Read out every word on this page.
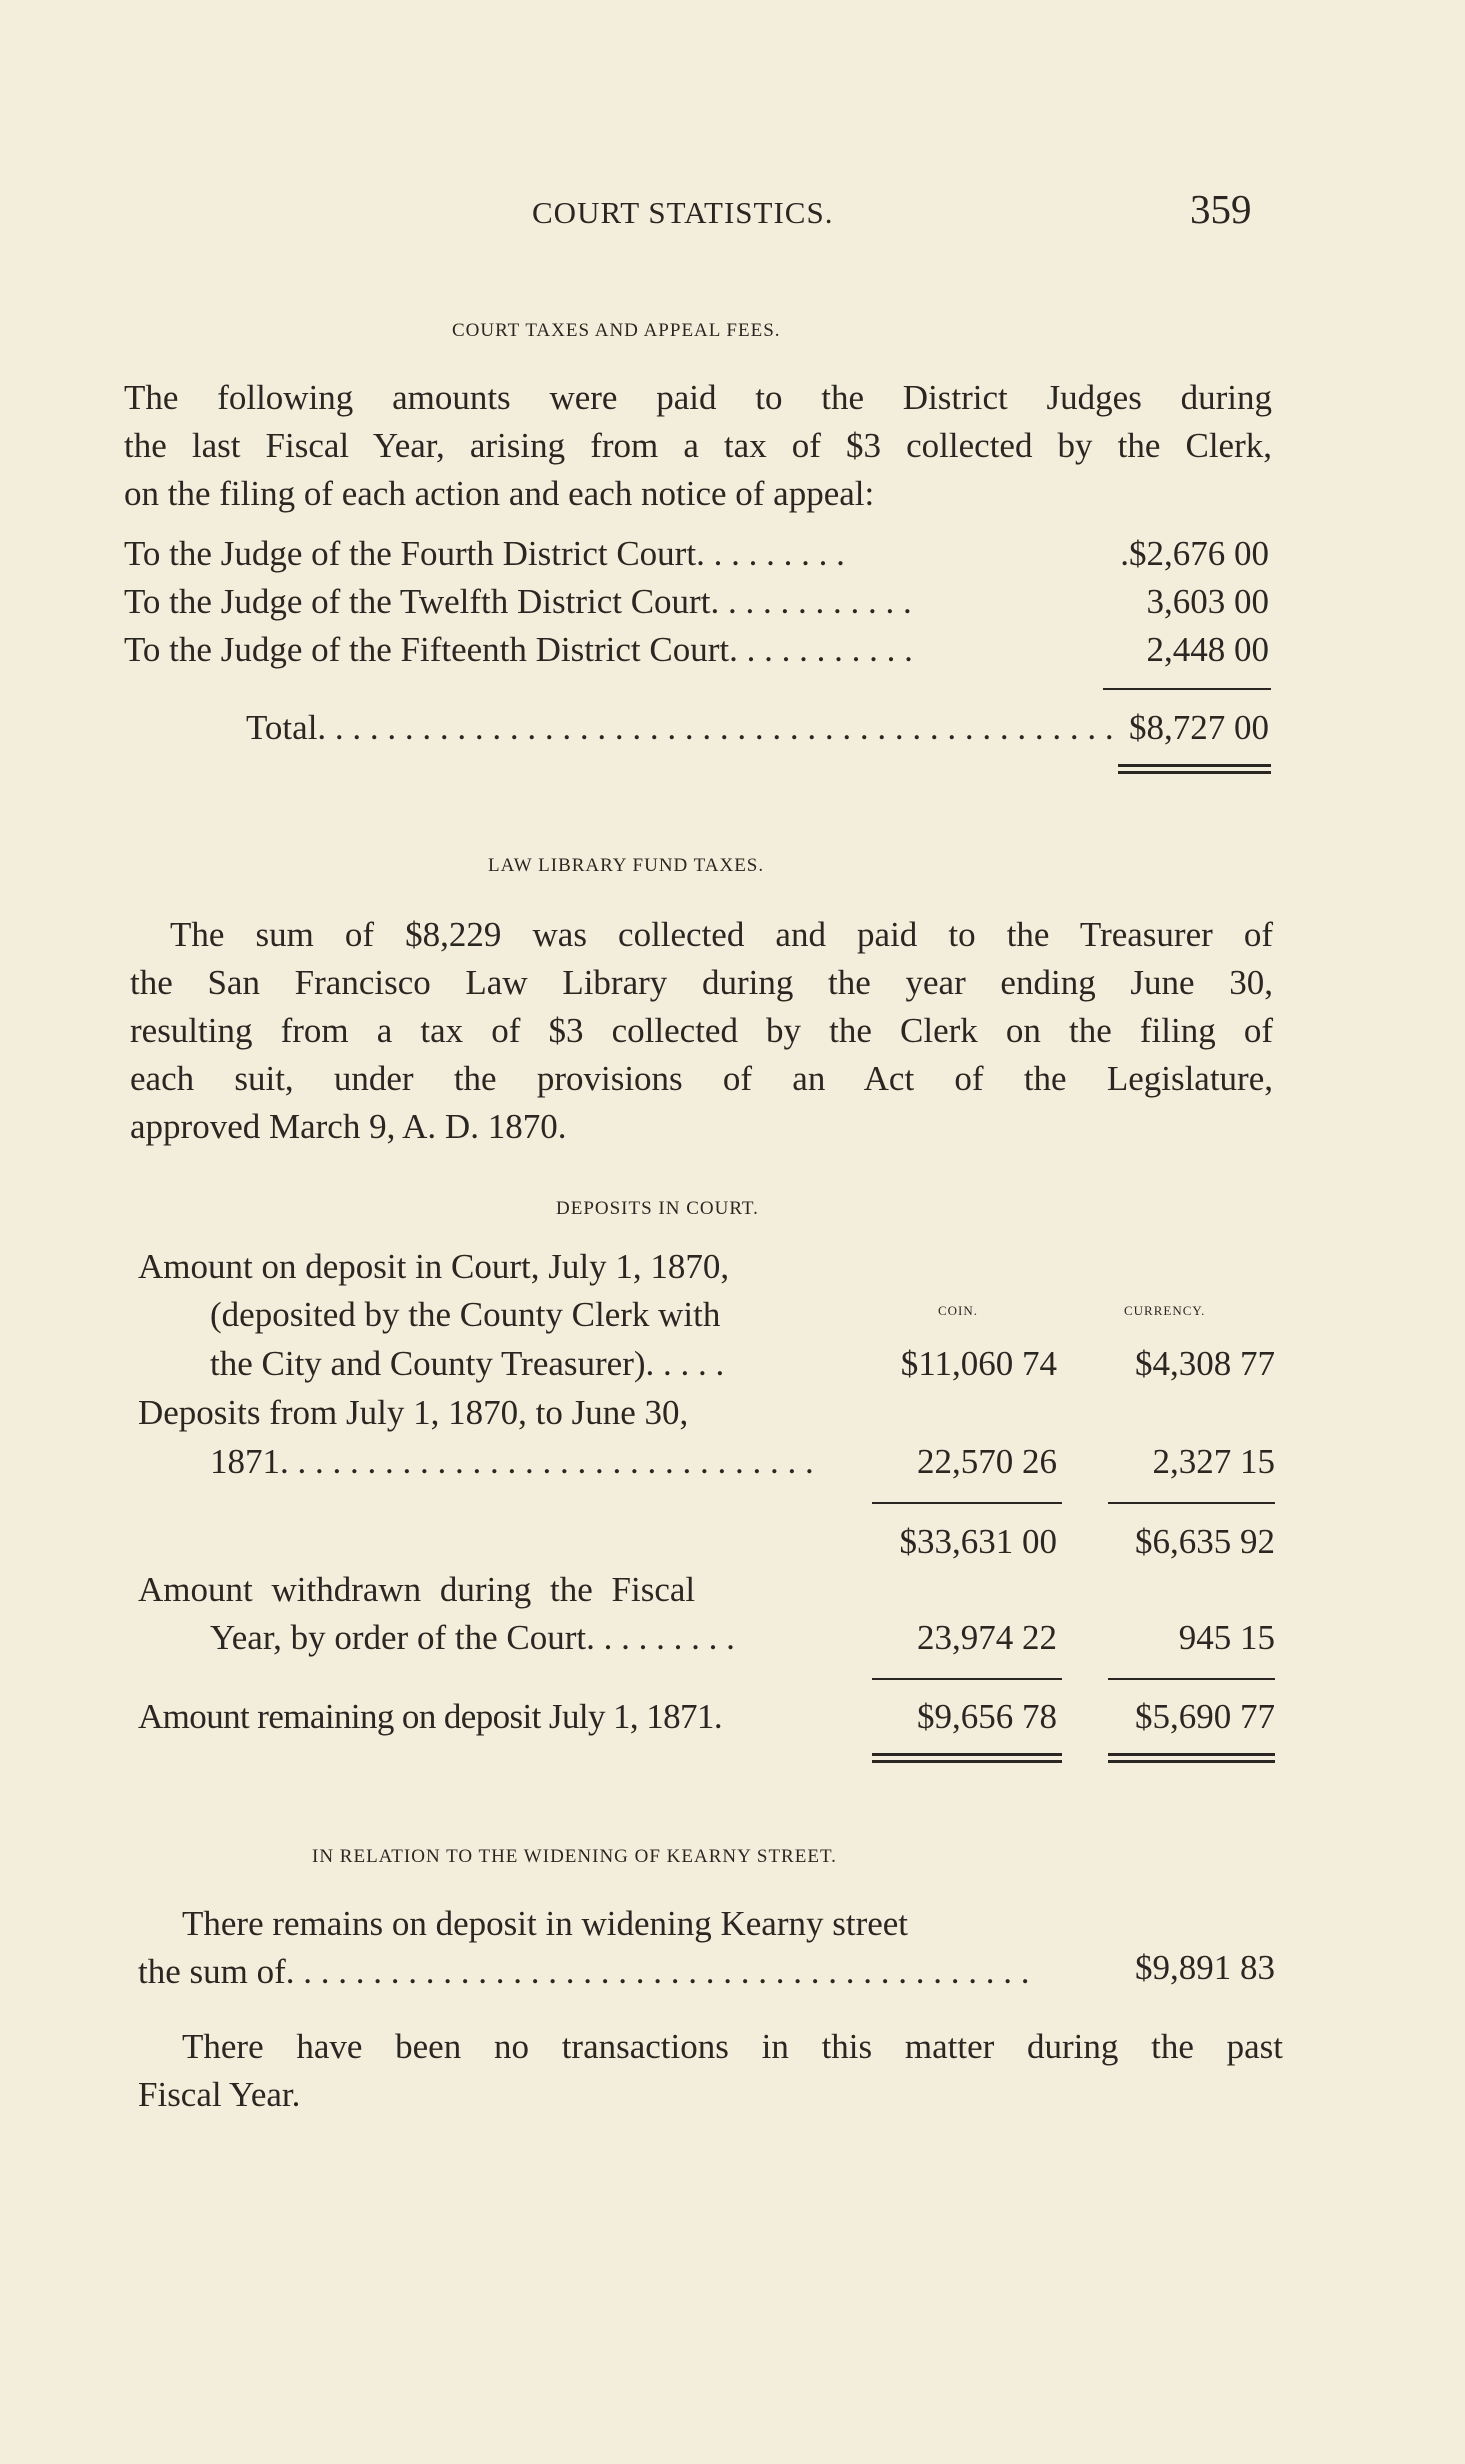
COURT STATISTICS.	359
COURT TAXES AND APPEAL FEES.
The following amounts were paid to the District Judges during
the last Fiscal Year, arising from a tax of $3 collected by the Clerk,
on the filing of each action and each notice of appeal:
To the Judge of the Fourth District Court. . . . . . . . .	.$2,676 00
To the Judge of the Twelfth District Court. . . . . . . . . . . .	3,603 00
To the Judge of the Fifteenth District Court. . . . . . . . . . .	2,448 00
Total. . . . . . . . . . . . . . . . . . . . . . . . . . . . . . . . . . . . . . . . . . . . . . $8,727 00
LAW LIBRARY FUND TAXES.
The sum of $8,229 was collected and paid to the Treasurer of
the San Francisco Law Library during the year ending June 30,
resulting from a tax of $3 collected by the Clerk on the filing of
each suit, under the provisions of an Act of the Legislature,
approved March 9, A. D. 1870.
DEPOSITS IN COURT.
Amount on deposit in Court, July 1, 1870,
(deposited by the County Clerk with	COIN.	CURRENCY.
the City and County Treasurer). . . . .	$11,060 74 $4,308 77
Deposits from July 1, 1870, to June 30,
1871. . . . . . . . . . . . . . . . . . . . . . . . . . . . . . .	22,570 26	2,327 15
$33,631 00 $6,635 92
Amount withdrawn during the Fiscal
Year, by order of the Court. . . . . . . . .	23,974 22	945 15
Amount remaining on deposit July 1, 1871.	$9,656 78 $5,690 77
IN RELATION TO THE WIDENING OF KEARNY STREET.
There remains on deposit in widening Kearny street
the sum of. . . . . . . . . . . . . . . . . . . . . . . . . . . . . . . . . . . . . . . . . . .	$9,891 83
There have been no transactions in this matter during the past
Fiscal Year.
